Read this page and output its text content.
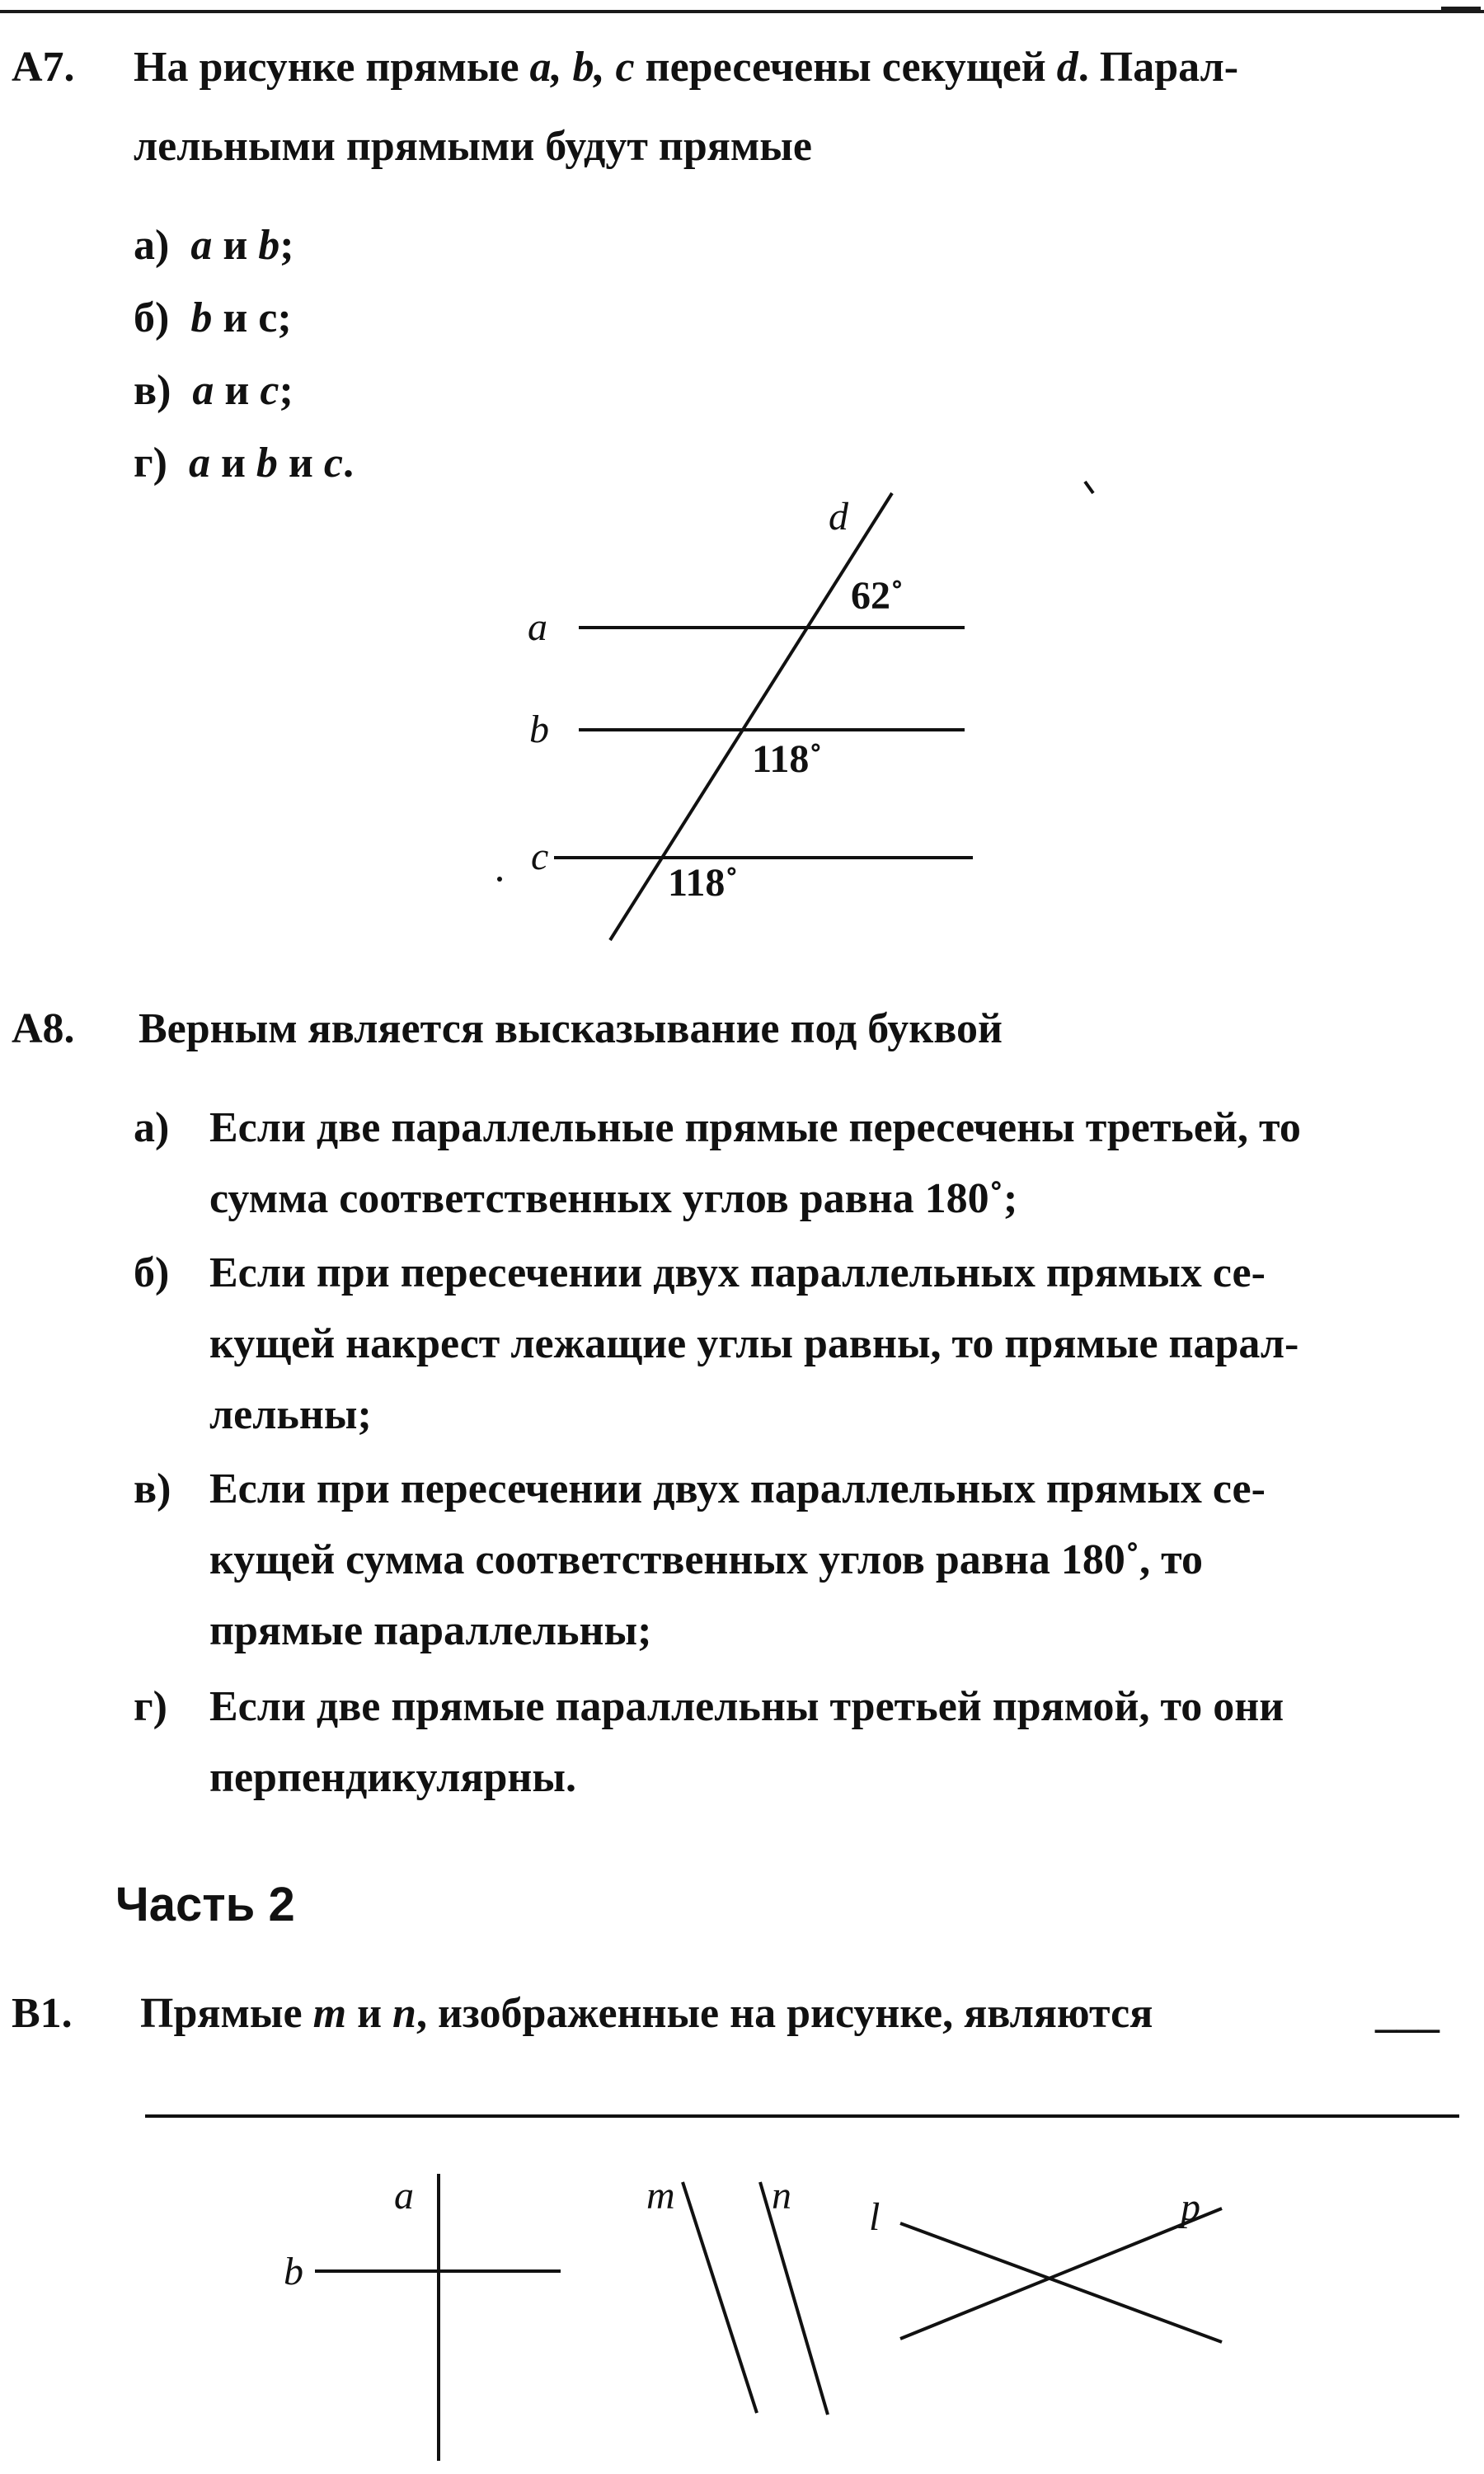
A7. На рисунке прямые a, b, c пересечены секущей d. Парал-
лельными прямыми будут прямые
а) a и b;
б) b и c;
в) a и c;
г) a и b и c.
a
b
c
d
62˚
118˚
118˚
A8. Верным является высказывание под буквой
а) Если две параллельные прямые пересечены третьей, то
сумма соответственных углов равна 180˚;
б) Если при пересечении двух параллельных прямых се-
кущей накрест лежащие углы равны, то прямые парал-
лельны;
в) Если при пересечении двух параллельных прямых се-
кущей сумма соответственных углов равна 180˚, то
прямые параллельны;
г) Если две прямые параллельны третьей прямой, то они
перпендикулярны.
Часть 2
B1. Прямые m и n, изображенные на рисунке, являются	___
a
b
m n l	p
